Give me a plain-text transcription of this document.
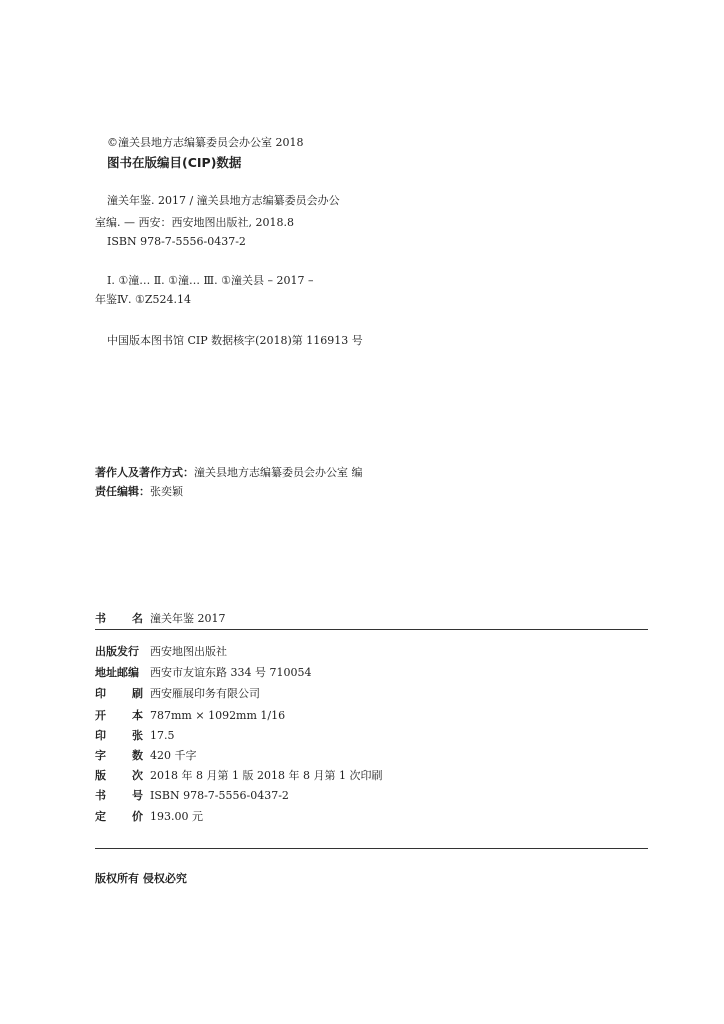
©潼关县地方志编纂委员会办公室 2018
图书在版编目(CIP)数据
潼关年鉴. 2017 / 潼关县地方志编纂委员会办公
室编. — 西安：西安地图出版社, 2018.8
ISBN 978-7-5556-0437-2
Ⅰ. ①潼… Ⅱ. ①潼… Ⅲ. ①潼关县 – 2017 –
年鉴Ⅳ. ①Z524.14
中国版本图书馆 CIP 数据核字(2018)第 116913 号
著作人及著作方式：潼关县地方志编纂委员会办公室 编
责任编辑：张奕颖
书 名 潼关年鉴 2017
出版发行	西安地图出版社
地址邮编	西安市友谊东路 334 号 710054
印 刷 西安雁展印务有限公司
开 本 787mm × 1092mm 1/16
印 张 17.5
字 数 420 千字
版 次 2018 年 8 月第 1 版 2018 年 8 月第 1 次印刷
书 号 ISBN 978-7-5556-0437-2
定 价 193.00 元
版权所有 侵权必究
